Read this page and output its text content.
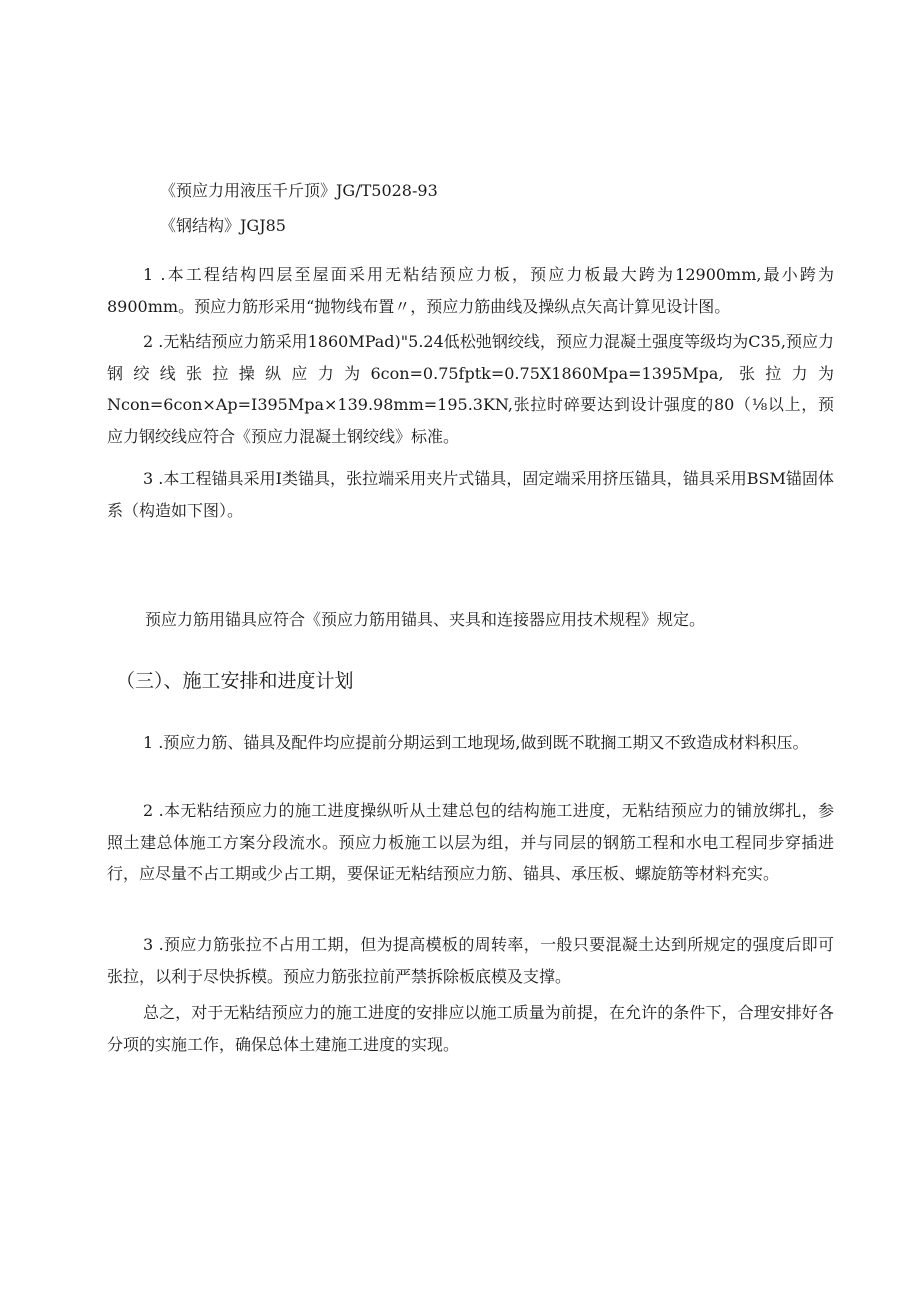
《预应力用液压千斤顶》JG/T5028-93
《钢结构》JGJ85
1 .本工程结构四层至屋面采用无粘结预应力板，预应力板最大跨为12900mm,最小跨为8900mm。预应力筋形采用“抛物线布置〃，预应力筋曲线及操纵点矢高计算见设计图。
2 .无粘结预应力筋采用1860MPad)"5.24低松弛钢绞线，预应力混凝土强度等级均为C35,预应力钢绞线张拉操纵应力为6con=0.75fptk=0.75X1860Mpa=1395Mpa, 张拉力为Ncon=6con×Ap=I395Mpa×139.98mm=195.3KN,张拉时碎要达到设计强度的80（⅛以上，预应力钢绞线应符合《预应力混凝土钢绞线》标准。
3 .本工程锚具采用I类锚具，张拉端采用夹片式锚具，固定端采用挤压锚具，锚具采用BSM锚固体系（构造如下图）。
预应力筋用锚具应符合《预应力筋用锚具、夹具和连接器应用技术规程》规定。
（三）、施工安排和进度计划
1 .预应力筋、锚具及配件均应提前分期运到工地现场,做到既不耽搁工期又不致造成材料积压。
2 .本无粘结预应力的施工进度操纵听从土建总包的结构施工进度，无粘结预应力的铺放绑扎，参照土建总体施工方案分段流水。预应力板施工以层为组，并与同层的钢筋工程和水电工程同步穿插进行，应尽量不占工期或少占工期，要保证无粘结预应力筋、锚具、承压板、螺旋筋等材料充实。
3 .预应力筋张拉不占用工期，但为提高模板的周转率，一般只要混凝土达到所规定的强度后即可张拉，以利于尽快拆模。预应力筋张拉前严禁拆除板底模及支撑。
总之，对于无粘结预应力的施工进度的安排应以施工质量为前提，在允许的条件下，合理安排好各分项的实施工作，确保总体土建施工进度的实现。
